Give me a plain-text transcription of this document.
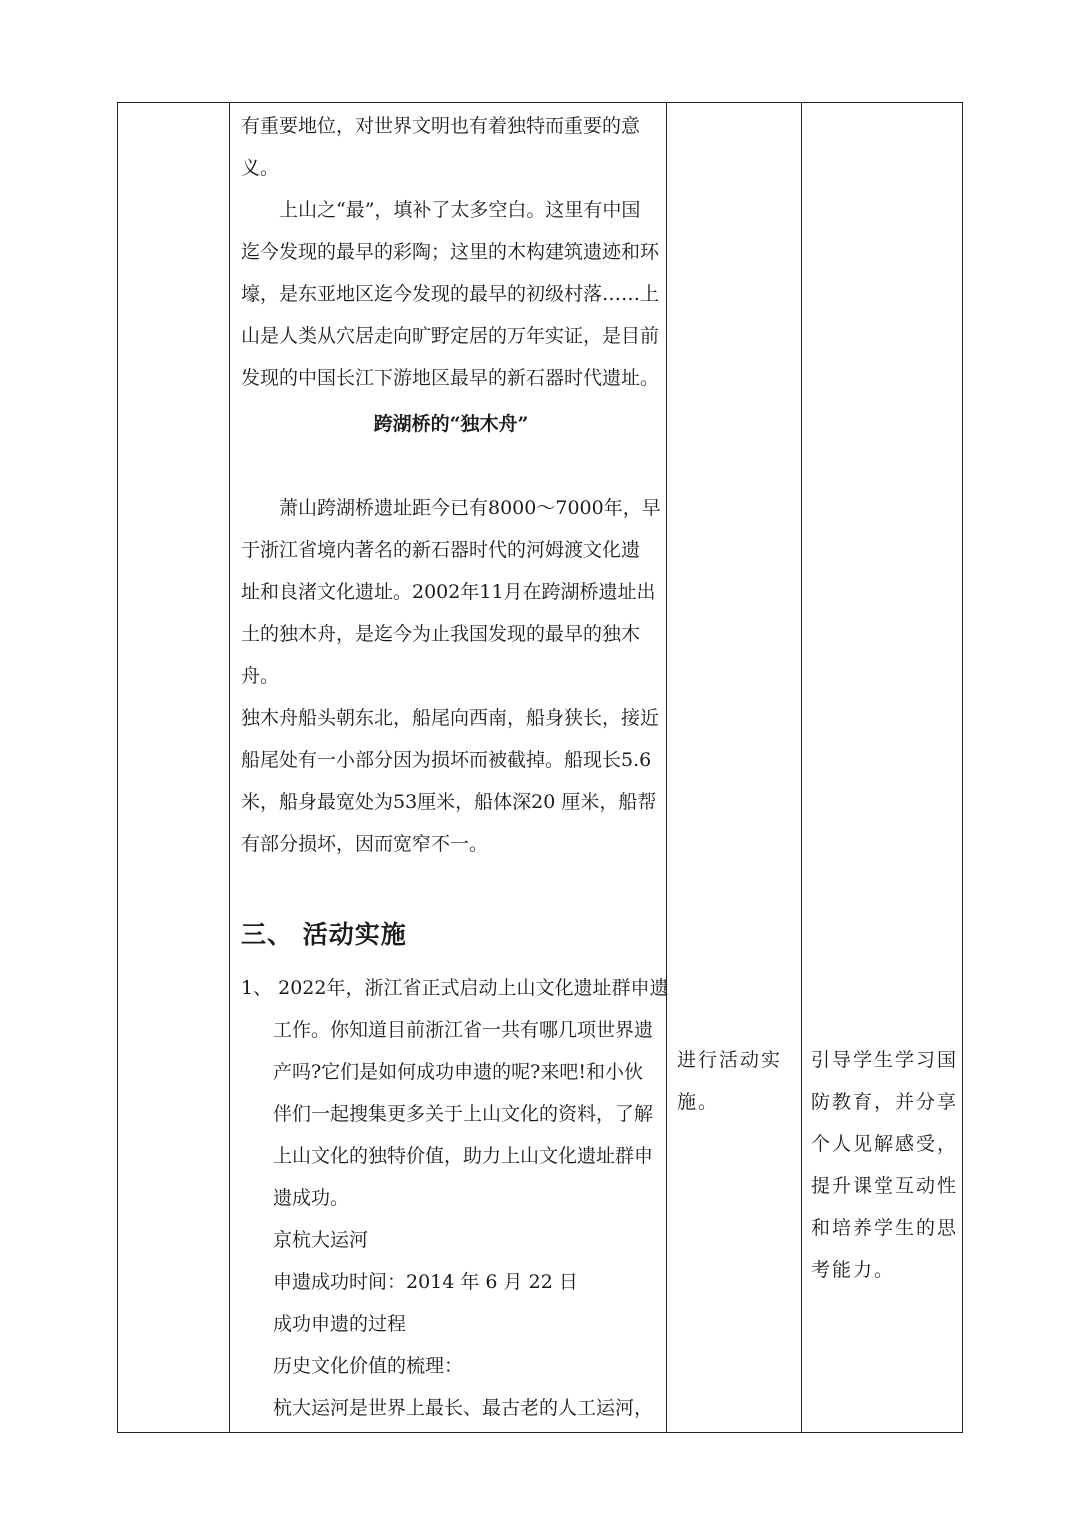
有重要地位，对世界文明也有着独特而重要的意

义。

上山之“最”，填补了太多空白。这里有中国

迄今发现的最早的彩陶；这里的木构建筑遗迹和环

壕，是东亚地区迄今发现的最早的初级村落……上

山是人类从穴居走向旷野定居的万年实证，是目前

发现的中国长江下游地区最早的新石器时代遗址。

跨湖桥的“独木舟”

萧山跨湖桥遗址距今已有8000～7000年，早

于浙江省境内著名的新石器时代的河姆渡文化遗

址和良渚文化遗址。2002年11月在跨湖桥遗址出

土的独木舟，是迄今为止我国发现的最早的独木

舟。

独木舟船头朝东北，船尾向西南，船身狭长，接近

船尾处有一小部分因为损坏而被截掉。船现长5.6

米，船身最宽处为53厘米，船体深20 厘米，船帮

有部分损坏，因而宽窄不一。

三、 活动实施

1、 2022年，浙江省正式启动上山文化遗址群申遗

工作。你知道目前浙江省一共有哪几项世界遗

产吗?它们是如何成功申遗的呢?来吧!和小伙

伴们一起搜集更多关于上山文化的资料，了解

上山文化的独特价值，助力上山文化遗址群申

遗成功。

京杭大运河

申遗成功时间：2014 年 6 月 22 日

成功申遗的过程

历史文化价值的梳理：

杭大运河是世界上最长、最古老的人工运河，

进行活动实

施。

引导学生学习国

防教育，并分享

个人见解感受，

提升课堂互动性

和培养学生的思

考能力。
